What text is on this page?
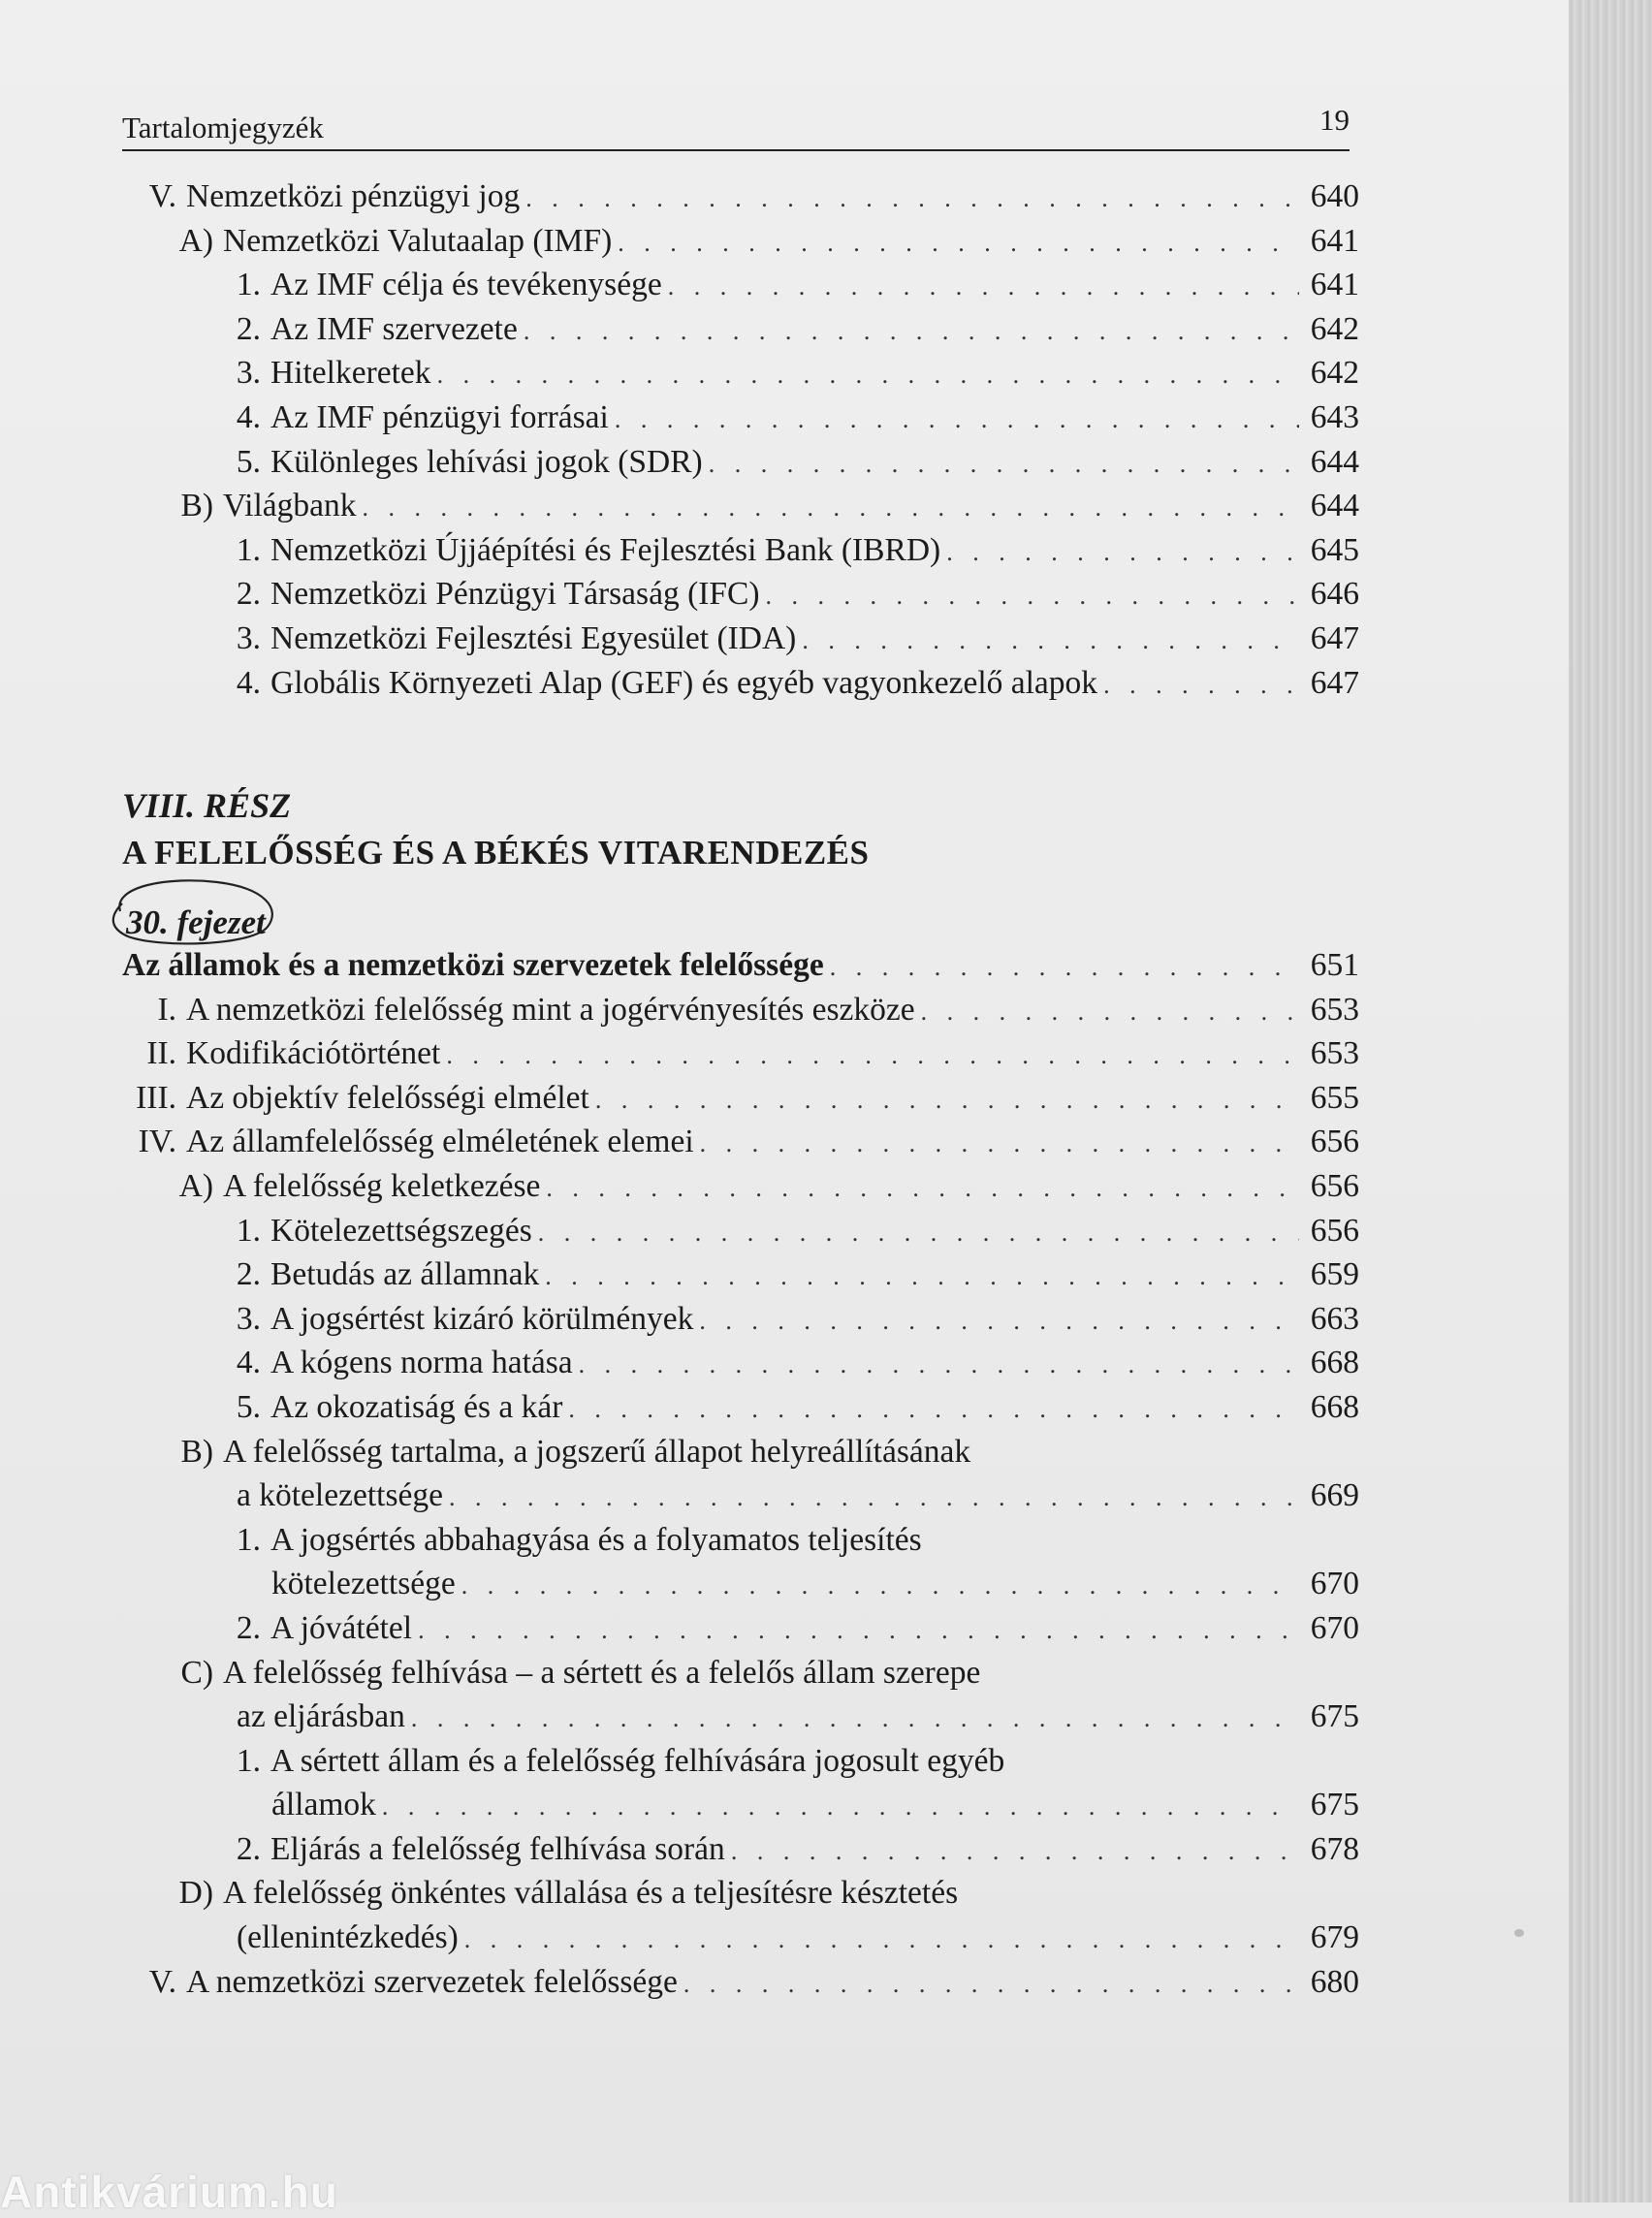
Tartalomjegyzék	19
V. Nemzetközi pénzügyi jog . . .	640
A) Nemzetközi Valutaalap (IMF) . . .	641
1. Az IMF célja és tevékenysége . . .	641
2. Az IMF szervezete . . .	642
3. Hitelkeretek . . .	642
4. Az IMF pénzügyi forrásai . . .	643
5. Különleges lehívási jogok (SDR) . . .	644
B) Világbank . . .	644
1. Nemzetközi Újjáépítési és Fejlesztési Bank (IBRD) . . .	645
2. Nemzetközi Pénzügyi Társaság (IFC) . . .	646
3. Nemzetközi Fejlesztési Egyesület (IDA) . . .	647
4. Globális Környezeti Alap (GEF) és egyéb vagyonkezelő alapok . . .	647
VIII. RÉSZ
A FELELŐSSÉG ÉS A BÉKÉS VITARENDEZÉS
30. fejezet
Az államok és a nemzetközi szervezetek felelőssége . . .	651
I. A nemzetközi felelősség mint a jogérvényesítés eszköze . . .	653
II. Kodifikációtörténet . . .	653
III. Az objektív felelősségi elmélet . . .	655
IV. Az államfelelősség elméletének elemei . . .	656
A) A felelősség keletkezése . . .	656
1. Kötelezettségszegés . . .	656
2. Betudás az államnak . . .	659
3. A jogsértést kizáró körülmények . . .	663
4. A kógens norma hatása . . .	668
5. Az okozatiság és a kár . . .	668
B) A felelősség tartalma, a jogszerű állapot helyreállításának
a kötelezettsége . . .	669
1. A jogsértés abbahagyása és a folyamatos teljesítés
kötelezettsége . . .	670
2. A jóvátétel . . .	670
C) A felelősség felhívása – a sértett és a felelős állam szerepe
az eljárásban . . .	675
1. A sértett állam és a felelősség felhívására jogosult egyéb
államok . . .	675
2. Eljárás a felelősség felhívása során . . .	678
D) A felelősség önkéntes vállalása és a teljesítésre késztetés
(ellenintézkedés) . . .	679
V. A nemzetközi szervezetek felelőssége . . .	680
Antikvárium.hu
